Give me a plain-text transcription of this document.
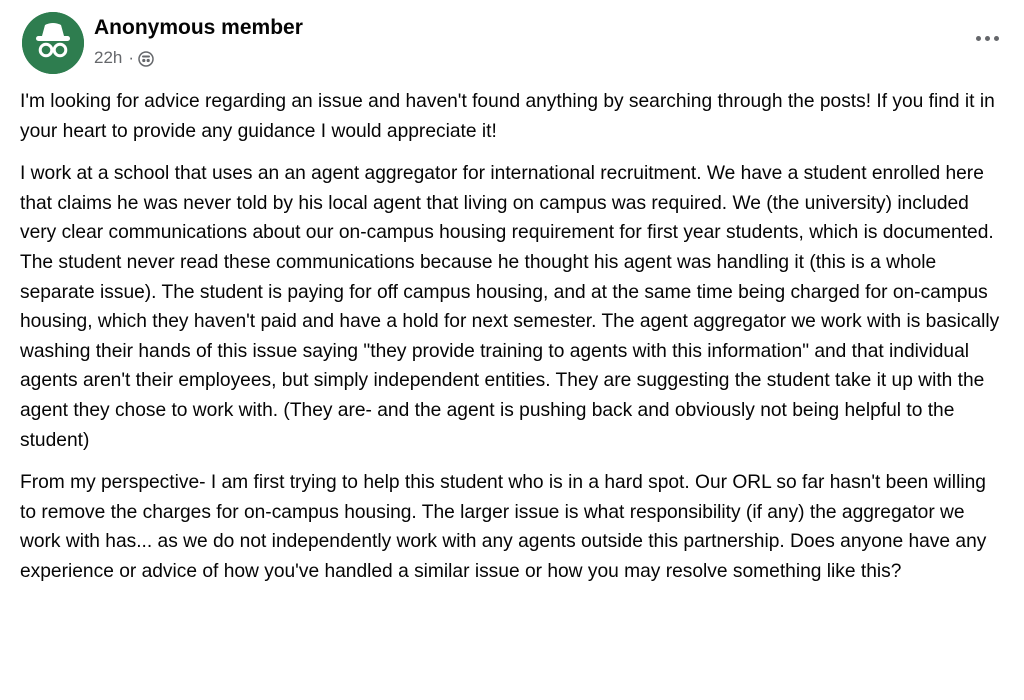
Anonymous member
22h ·

I'm looking for advice regarding an issue and haven't found anything by searching through the posts! If you find it in your heart to provide any guidance I would appreciate it!

I work at a school that uses an an agent aggregator for international recruitment. We have a student enrolled here that claims he was never told by his local agent that living on campus was required. We (the university) included very clear communications about our on-campus housing requirement for first year students, which is documented. The student never read these communications because he thought his agent was handling it (this is a whole separate issue). The student is paying for off campus housing, and at the same time being charged for on-campus housing, which they haven't paid and have a hold for next semester. The agent aggregator we work with is basically washing their hands of this issue saying "they provide training to agents with this information" and that individual agents aren't their employees, but simply independent entities. They are suggesting the student take it up with the agent they chose to work with. (They are- and the agent is pushing back and obviously not being helpful to the student)

From my perspective- I am first trying to help this student who is in a hard spot. Our ORL so far hasn't been willing to remove the charges for on-campus housing. The larger issue is what responsibility (if any) the aggregator we work with has... as we do not independently work with any agents outside this partnership. Does anyone have any experience or advice of how you've handled a similar issue or how you may resolve something like this?
